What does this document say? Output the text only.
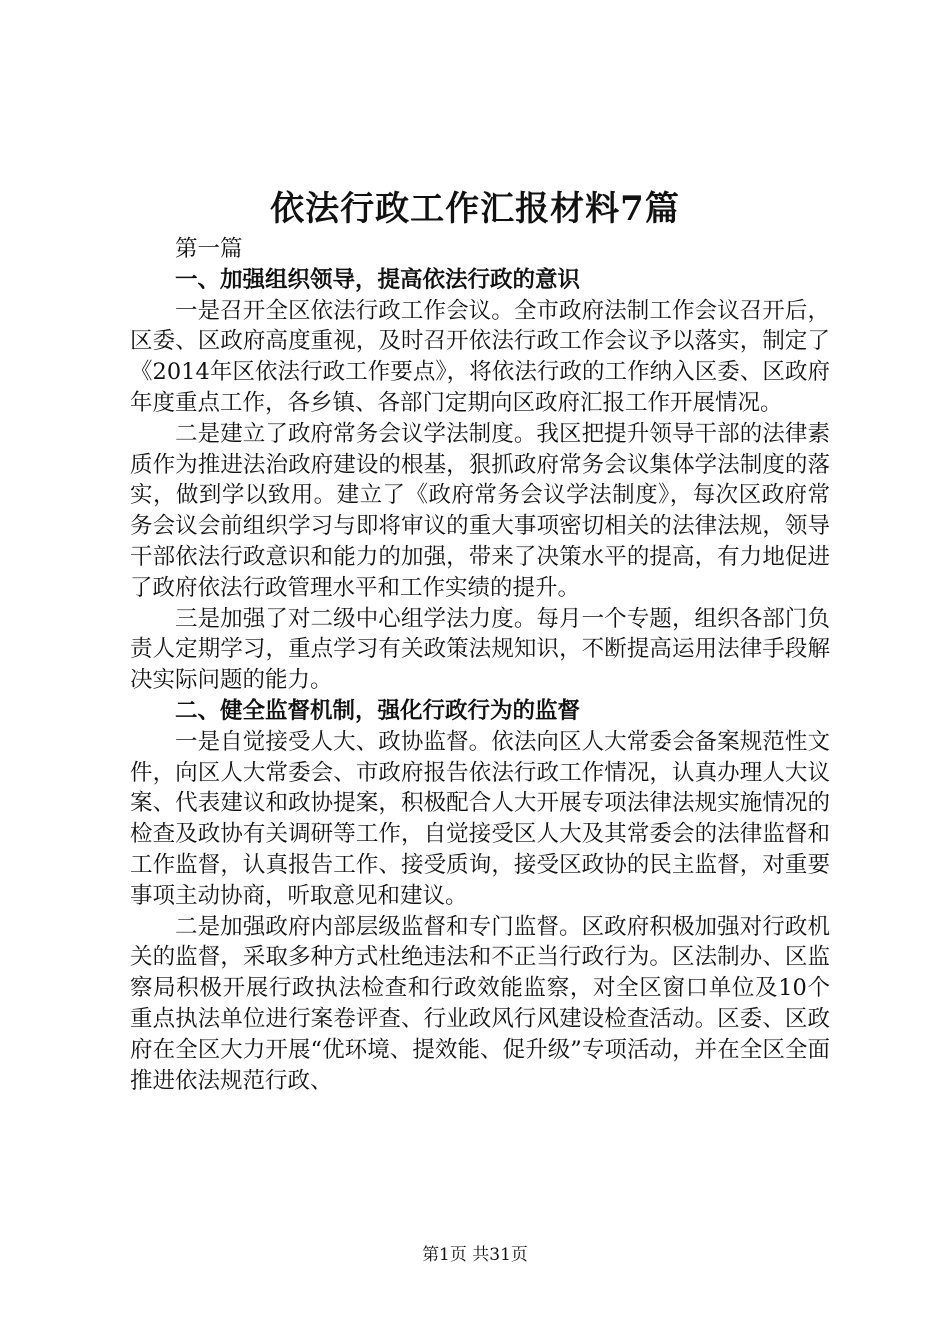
依法行政工作汇报材料7篇

第一篇

一、加强组织领导，提高依法行政的意识

一是召开全区依法行政工作会议。全市政府法制工作会议召开后，区委、区政府高度重视，及时召开依法行政工作会议予以落实，制定了《2014年区依法行政工作要点》，将依法行政的工作纳入区委、区政府年度重点工作，各乡镇、各部门定期向区政府汇报工作开展情况。

二是建立了政府常务会议学法制度。我区把提升领导干部的法律素质作为推进法治政府建设的根基，狠抓政府常务会议集体学法制度的落实，做到学以致用。建立了《政府常务会议学法制度》，每次区政府常务会议会前组织学习与即将审议的重大事项密切相关的法律法规，领导干部依法行政意识和能力的加强，带来了决策水平的提高，有力地促进了政府依法行政管理水平和工作实绩的提升。

三是加强了对二级中心组学法力度。每月一个专题，组织各部门负责人定期学习，重点学习有关政策法规知识，不断提高运用法律手段解决实际问题的能力。

二、健全监督机制，强化行政行为的监督

一是自觉接受人大、政协监督。依法向区人大常委会备案规范性文件，向区人大常委会、市政府报告依法行政工作情况，认真办理人大议案、代表建议和政协提案，积极配合人大开展专项法律法规实施情况的检查及政协有关调研等工作，自觉接受区人大及其常委会的法律监督和工作监督，认真报告工作、接受质询，接受区政协的民主监督，对重要事项主动协商，听取意见和建议。

二是加强政府内部层级监督和专门监督。区政府积极加强对行政机关的监督，采取多种方式杜绝违法和不正当行政行为。区法制办、区监察局积极开展行政执法检查和行政效能监察，对全区窗口单位及10个重点执法单位进行案卷评查、行业政风行风建设检查活动。区委、区政府在全区大力开展“优环境、提效能、促升级”专项活动，并在全区全面推进依法规范行政、

第1页 共31页
